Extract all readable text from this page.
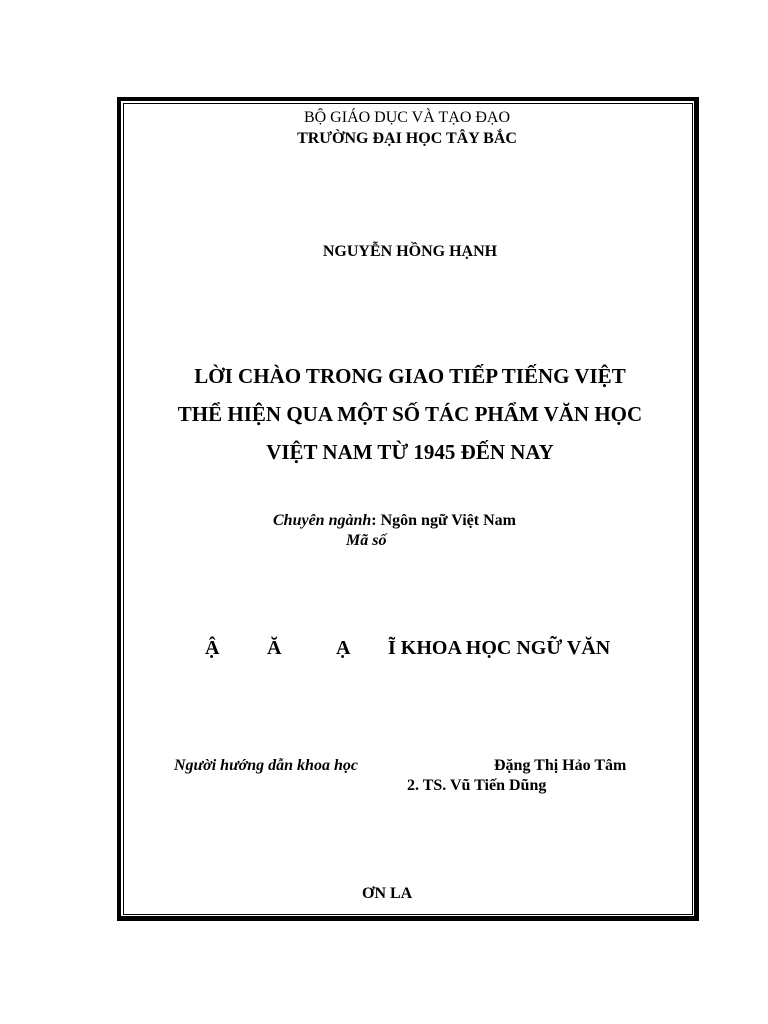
BỘ GIÁO DỤC VÀ TẠO ĐẠO
TRƯỜNG ĐẠI HỌC TÂY BẮC
NGUYỄN HỒNG HẠNH
LỜI CHÀO TRONG GIAO TIẾP TIẾNG VIỆT
THỂ HIỆN QUA MỘT SỐ TÁC PHẨM VĂN HỌC
VIỆT NAM TỪ 1945 ĐẾN NAY
Chuyên ngành: Ngôn ngữ Việt Nam
Mã số
Ậ Ă	Ạ Ĩ KHOA HỌC NGỮ VĂN
Người hướng dẫn khoa học	Đặng Thị Hảo Tâm
2. TS. Vũ Tiến Dũng
ƠN LA
